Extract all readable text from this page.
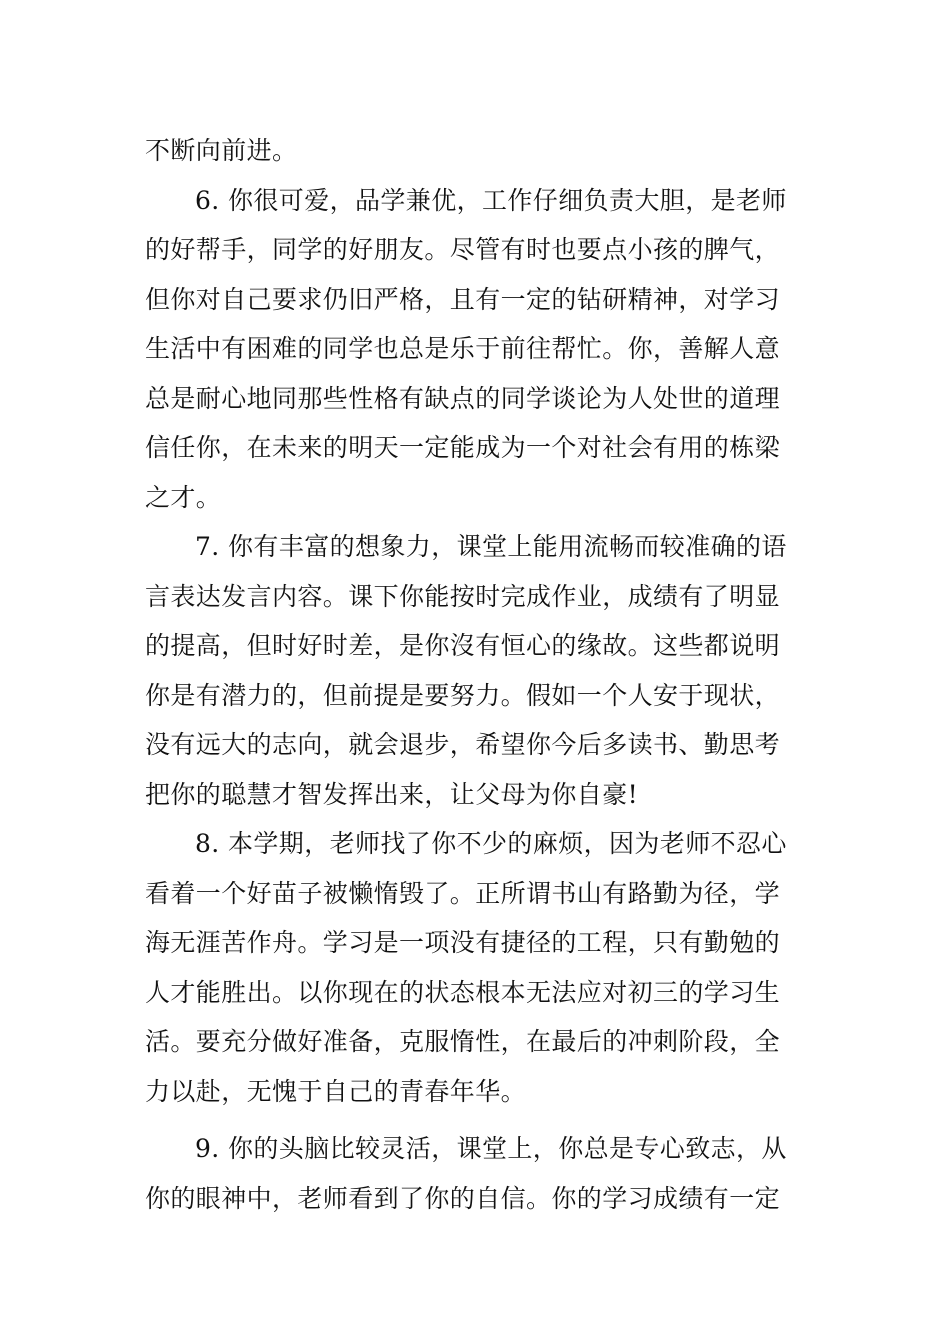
不断向前进。
6. 你很可爱，品学兼优，工作仔细负责大胆，是老师
的好帮手，同学的好朋友。尽管有时也要点小孩的脾气，
但你对自己要求仍旧严格，且有一定的钻研精神，对学习
生活中有困难的同学也总是乐于前往帮忙。你，善解人意
总是耐心地同那些性格有缺点的同学谈论为人处世的道理
信任你，在未来的明天一定能成为一个对社会有用的栋梁
之才。
7. 你有丰富的想象力，课堂上能用流畅而较准确的语
言表达发言内容。课下你能按时完成作业，成绩有了明显
的提高，但时好时差，是你沒有恒心的缘故。这些都说明
你是有潜力的，但前提是要努力。假如一个人安于现状，
没有远大的志向，就会退步，希望你今后多读书、勤思考
把你的聪慧才智发挥出来，让父母为你自豪!
8. 本学期，老师找了你不少的麻烦，因为老师不忍心
看着一个好苗子被懒惰毁了。正所谓书山有路勤为径，学
海无涯苦作舟。学习是一项没有捷径的工程，只有勤勉的
人才能胜出。以你现在的状态根本无法应对初三的学习生
活。要充分做好准备，克服惰性，在最后的冲刺阶段，全
力以赴，无愧于自己的青春年华。
9. 你的头脑比较灵活，课堂上，你总是专心致志，从
你的眼神中，老师看到了你的自信。你的学习成绩有一定
